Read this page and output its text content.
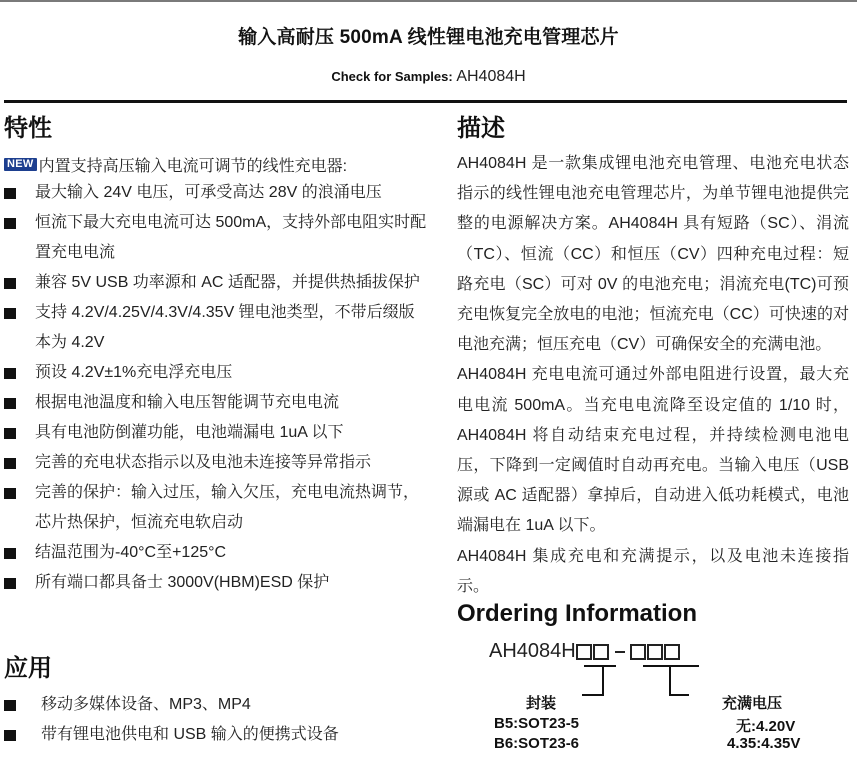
输入高耐压 500mA 线性锂电池充电管理芯片
Check for Samples: AH4084H
特性
NEW 内置支持高压输入电流可调节的线性充电器:
最大输入 24V 电压，可承受高达 28V 的浪涌电压
恒流下最大充电电流可达 500mA，支持外部电阻实时配置充电电流
兼容 5V USB 功率源和 AC 适配器，并提供热插拔保护
支持 4.2V/4.25V/4.3V/4.35V 锂电池类型，不带后缀版本为 4.2V
预设 4.2V±1%充电浮充电压
根据电池温度和输入电压智能调节充电电流
具有电池防倒灌功能，电池端漏电 1uA 以下
完善的充电状态指示以及电池未连接等异常指示
完善的保护：输入过压，输入欠压，充电电流热调节，芯片热保护，恒流充电软启动
结温范围为-40°C至+125°C
所有端口都具备士 3000V(HBM)ESD 保护
应用
移动多媒体设备、MP3、MP4
带有锂电池供电和 USB 输入的便携式设备
描述

AH4084H 是一款集成锂电池充电管理、电池充电状态指示的线性锂电池充电管理芯片，为单节锂电池提供完整的电源解决方案。AH4084H 具有短路（SC）、涓流（TC）、恒流（CC）和恒压（CV）四种充电过程：短路充电（SC）可对 0V 的电池充电；涓流充电(TC)可预充电恢复完全放电的电池；恒流充电（CC）可快速的对电池充满；恒压充电（CV）可确保安全的充满电池。

AH4084H 充电电流可通过外部电阻进行设置，最大充电电流 500mA。当充电电流降至设定值的 1/10 时，AH4084H 将自动结束充电过程，并持续检测电池电压，下降到一定阈值时自动再充电。当输入电压（USB 源或 AC 适配器）拿掉后，自动进入低功耗模式，电池端漏电在 1uA 以下。

AH4084H 集成充电和充满提示，以及电池未连接指示。

Ordering Information
AH4084H
封装
B5:SOT23-5
B6:SOT23-6
充满电压
无:4.20V
4.35:4.35V
